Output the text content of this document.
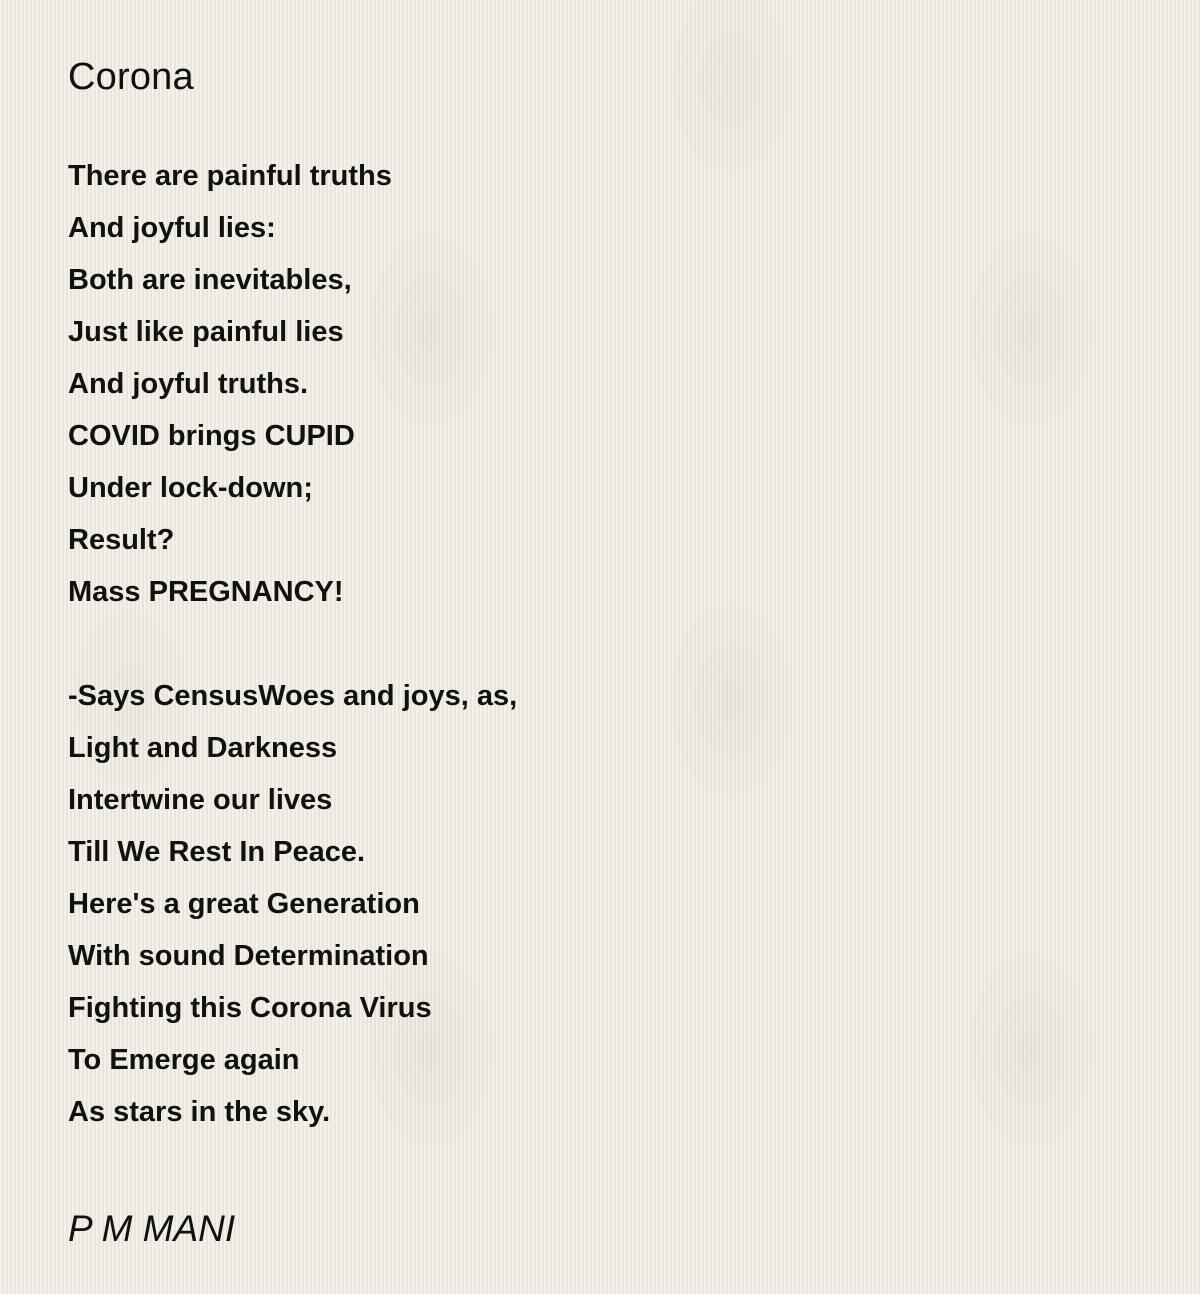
Corona
There are painful truths
And joyful lies:
Both are inevitables,
Just like painful lies
And joyful truths.
COVID brings CUPID
Under lock-down;
Result?
Mass PREGNANCY!
-Says CensusWoes and joys, as,
Light and Darkness
Intertwine our lives
Till We Rest In Peace.
Here's a great Generation
With sound Determination
Fighting this Corona Virus
To Emerge again
As stars in the sky.
P M MANI
